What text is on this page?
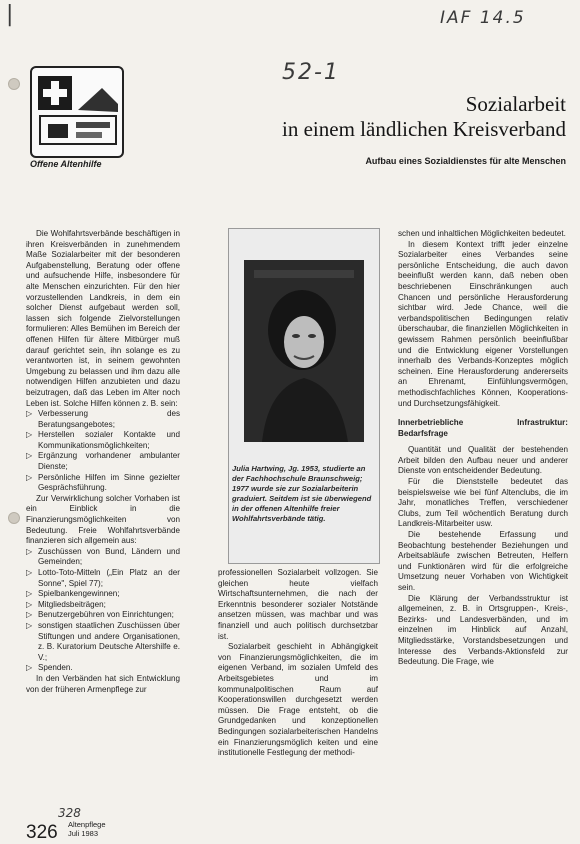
|	IAF 14.5
52-1
Offene Altenhilfe
Sozialarbeit
in einem ländlichen Kreisverband
Aufbau eines Sozialdienstes für alte Menschen

Die Wohlfahrtsverbände beschäftigen in ihren Kreisverbänden in zunehmendem Maße Sozialarbeiter mit der besonderen Aufgabenstellung, Beratung oder offene und aufsuchende Hilfe, insbesondere für alte Menschen einzurichten. Für den hier vorzustellenden Landkreis, in dem ein solcher Dienst aufgebaut werden soll, lassen sich folgende Zielvorstellungen formulieren: Alles Bemühen im Bereich der offenen Hilfen für ältere Mitbürger muß darauf gerichtet sein, ihn solange es zu verantworten ist, in seinem gewohnten Umgebung zu belassen und ihm dazu alle notwendigen Hilfen anzubieten und dazu beizutragen, daß das Leben im Alter noch Leben ist. Solche Hilfen können z. B. sein:

▷ Verbesserung des Beratungsangebotes;
▷ Herstellen sozialer Kontakte und Kommunikationsmöglichkeiten;
▷ Ergänzung vorhandener ambulanter Dienste;
▷ Persönliche Hilfen im Sinne gezielter Gesprächsführung.

Zur Verwirklichung solcher Vorhaben ist ein Einblick in die Finanzierungsmöglichkeiten von Bedeutung. Freie Wohlfahrtsverbände finanzieren sich allgemein aus:

▷ Zuschüssen von Bund, Ländern und Gemeinden;
▷ Lotto-Toto-Mitteln („Ein Platz an der Sonne", Spiel 77);
▷ Spielbankengewinnen;
▷ Mitgliedsbeiträgen;
▷ Benutzergebühren von Einrichtungen;
▷ sonstigen staatlichen Zuschüssen über Stiftungen und andere Organisationen, z. B. Kuratorium Deutsche Altershilfe e. V.;
▷ Spenden.

In den Verbänden hat sich Entwicklung von der früheren Armenpflege zur

Julia Hartwing, Jg. 1953, studierte an der Fachhochschule Braunschweig; 1977 wurde sie zur Sozialarbeiterin graduiert. Seitdem ist sie überwiegend in der offenen Altenhilfe freier Wohlfahrtsverbände tätig.

professionellen Sozialarbeit vollzogen. Sie gleichen heute vielfach Wirtschaftsunternehmen, die nach der Erkenntnis besonderer sozialer Notstände ansetzen müssen, was machbar und was finanziell und auch politisch durchsetzbar ist.

Sozialarbeit geschieht in Abhängigkeit von Finanzierungsmöglichkeiten, die im eigenen Verband, im sozialen Umfeld des Arbeitsgebietes und im kommunalpolitischen Raum auf Kooperationswillen durchgesetzt werden müssen. Die Frage entsteht, ob die Grundgedanken und konzeptionellen Bedingungen sozialarbeiterischen Handelns ein Finanzierungsmöglich keiten und eine institutionelle Festlegung der methodi-

schen und inhaltlichen Möglichkeiten bedeutet.

In diesem Kontext trifft jeder einzelne Sozialarbeiter eines Verbandes seine persönliche Entscheidung, die auch davon beeinflußt werden kann, daß neben oben beschriebenen Einschränkungen auch Chancen und persönliche Herausforderung sichtbar wird. Jede Chance, weil die verbandspolitischen Bedingungen relativ überschaubar, die finanziellen Möglichkeiten in gewissem Rahmen persönlich beeinflußbar und die Entwicklung eigener Vorstellungen innerhalb des Verbands-Konzeptes möglich scheinen. Eine Herausforderung andererseits an Ehrenamt, Einfühlungsvermögen, methodischfachliches Können, Kooperations- und Durchsetzungsfähigkeit.

Innerbetriebliche Infrastruktur: Bedarfsfrage

Quantität und Qualität der bestehenden Arbeit bilden den Aufbau neuer und anderer Dienste von entscheidender Bedeutung.

Für die Dienststelle bedeutet das beispielsweise wie bei fünf Altenclubs, die im Jahr, monatliches Treffen, verschiedener Clubs, zum Teil wöchentlich Beratung durch Landkreis-Mitarbeiter usw.

Die bestehende Erfassung und Beobachtung bestehender Beziehungen und Arbeitsabläufe zwischen Betreuten, Helfern und Funktionären wird für die erfolgreiche Umsetzung neuer Vorhaben von Wichtigkeit sein.

Die Klärung der Verbandsstruktur ist allgemeinen, z. B. in Ortsgruppen-, Kreis-, Bezirks- und Landesverbänden, und im einzelnen im Hinblick auf Anzahl, Mitgliedsstärke, Vorstandsbesetzungen und Interesse des Verbands-Aktionsfeld zur Bedeutung. Die Frage, wie

328
326 Altenpflege
Juli 1983
